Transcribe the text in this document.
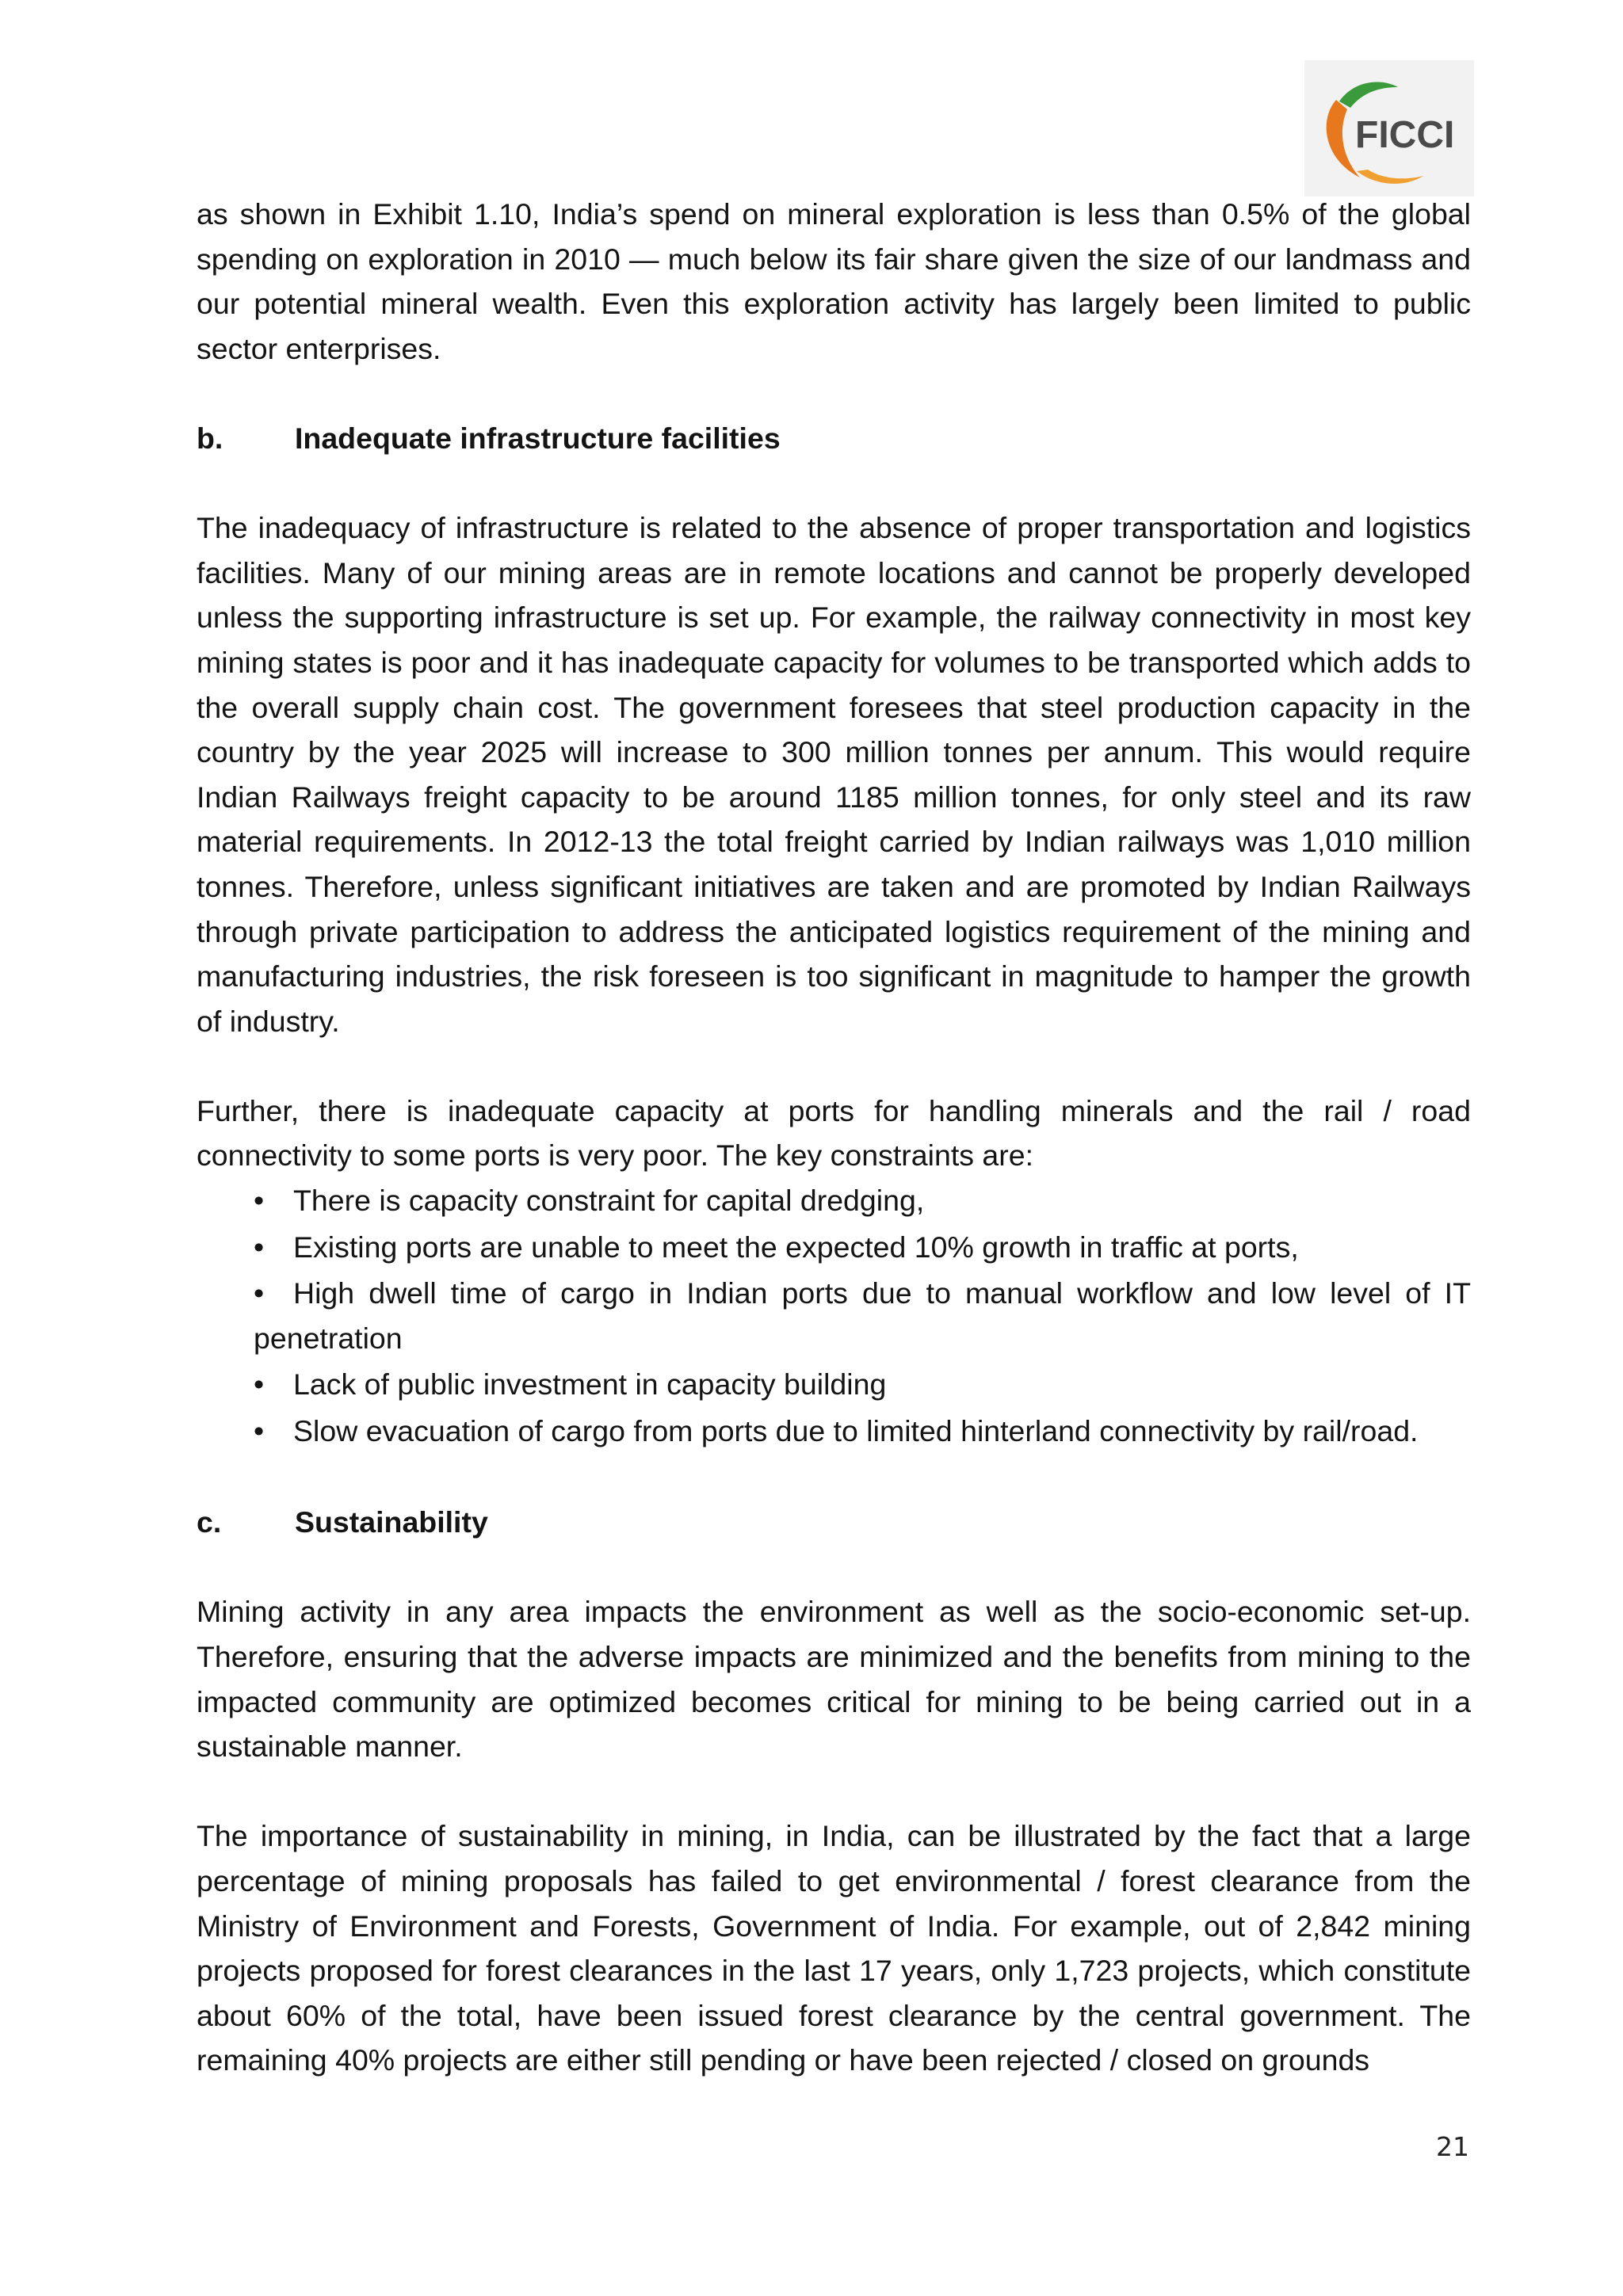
FICCI

as shown in Exhibit 1.10, India’s spend on mineral exploration is less than 0.5% of the global spending on exploration in 2010 — much below its fair share given the size of our landmass and our potential mineral wealth. Even this exploration activity has largely been limited to public sector enterprises.

b.	Inadequate infrastructure facilities

The inadequacy of infrastructure is related to the absence of proper transportation and logistics facilities. Many of our mining areas are in remote locations and cannot be properly developed unless the supporting infrastructure is set up. For example, the railway connectivity in most key mining states is poor and it has inadequate capacity for volumes to be transported which adds to the overall supply chain cost. The government foresees that steel production capacity in the country by the year 2025 will increase to 300 million tonnes per annum. This would require Indian Railways freight capacity to be around 1185 million tonnes, for only steel and its raw material requirements. In 2012-13 the total freight carried by Indian railways was 1,010 million tonnes. Therefore, unless significant initiatives are taken and are promoted by Indian Railways through private participation to address the anticipated logistics requirement of the mining and manufacturing industries, the risk foreseen is too significant in magnitude to hamper the growth of industry.

Further, there is inadequate capacity at ports for handling minerals and the rail / road connectivity to some ports is very poor. The key constraints are:

• There is capacity constraint for capital dredging,
• Existing ports are unable to meet the expected 10% growth in traffic at ports,
• High dwell time of cargo in Indian ports due to manual workflow and low level of IT penetration
• Lack of public investment in capacity building
• Slow evacuation of cargo from ports due to limited hinterland connectivity by rail/road.

c.	Sustainability

Mining activity in any area impacts the environment as well as the socio-economic set-up. Therefore, ensuring that the adverse impacts are minimized and the benefits from mining to the impacted community are optimized becomes critical for mining to be being carried out in a sustainable manner.

The importance of sustainability in mining, in India, can be illustrated by the fact that a large percentage of mining proposals has failed to get environmental / forest clearance from the Ministry of Environment and Forests, Government of India. For example, out of 2,842 mining projects proposed for forest clearances in the last 17 years, only 1,723 projects, which constitute about 60% of the total, have been issued forest clearance by the central government. The remaining 40% projects are either still pending or have been rejected / closed on grounds

21
